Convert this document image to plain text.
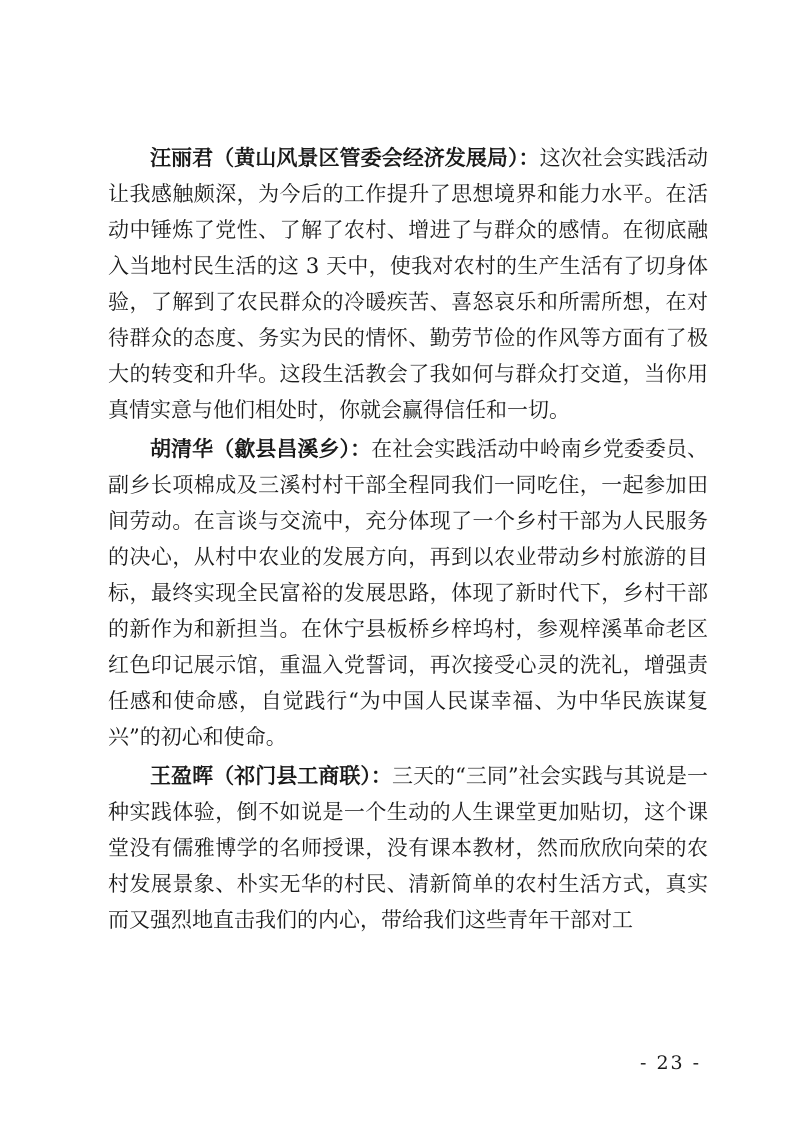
汪丽君（黄山风景区管委会经济发展局）：这次社会实践活动让我感触颇深，为今后的工作提升了思想境界和能力水平。在活动中锤炼了党性、了解了农村、增进了与群众的感情。在彻底融入当地村民生活的这 3 天中，使我对农村的生产生活有了切身体验，了解到了农民群众的冷暖疾苦、喜怒哀乐和所需所想，在对待群众的态度、务实为民的情怀、勤劳节俭的作风等方面有了极大的转变和升华。这段生活教会了我如何与群众打交道，当你用真情实意与他们相处时，你就会赢得信任和一切。

胡清华（歙县昌溪乡）：在社会实践活动中岭南乡党委委员、副乡长项棉成及三溪村村干部全程同我们一同吃住，一起参加田间劳动。在言谈与交流中，充分体现了一个乡村干部为人民服务的决心，从村中农业的发展方向，再到以农业带动乡村旅游的目标，最终实现全民富裕的发展思路，体现了新时代下，乡村干部的新作为和新担当。在休宁县板桥乡梓坞村，参观梓溪革命老区红色印记展示馆，重温入党誓词，再次接受心灵的洗礼，增强责任感和使命感，自觉践行“为中国人民谋幸福、为中华民族谋复兴”的初心和使命。

王盈晖（祁门县工商联）：三天的“三同”社会实践与其说是一种实践体验，倒不如说是一个生动的人生课堂更加贴切，这个课堂没有儒雅博学的名师授课，没有课本教材，然而欣欣向荣的农村发展景象、朴实无华的村民、清新简单的农村生活方式，真实而又强烈地直击我们的内心，带给我们这些青年干部对工

- 23 -
